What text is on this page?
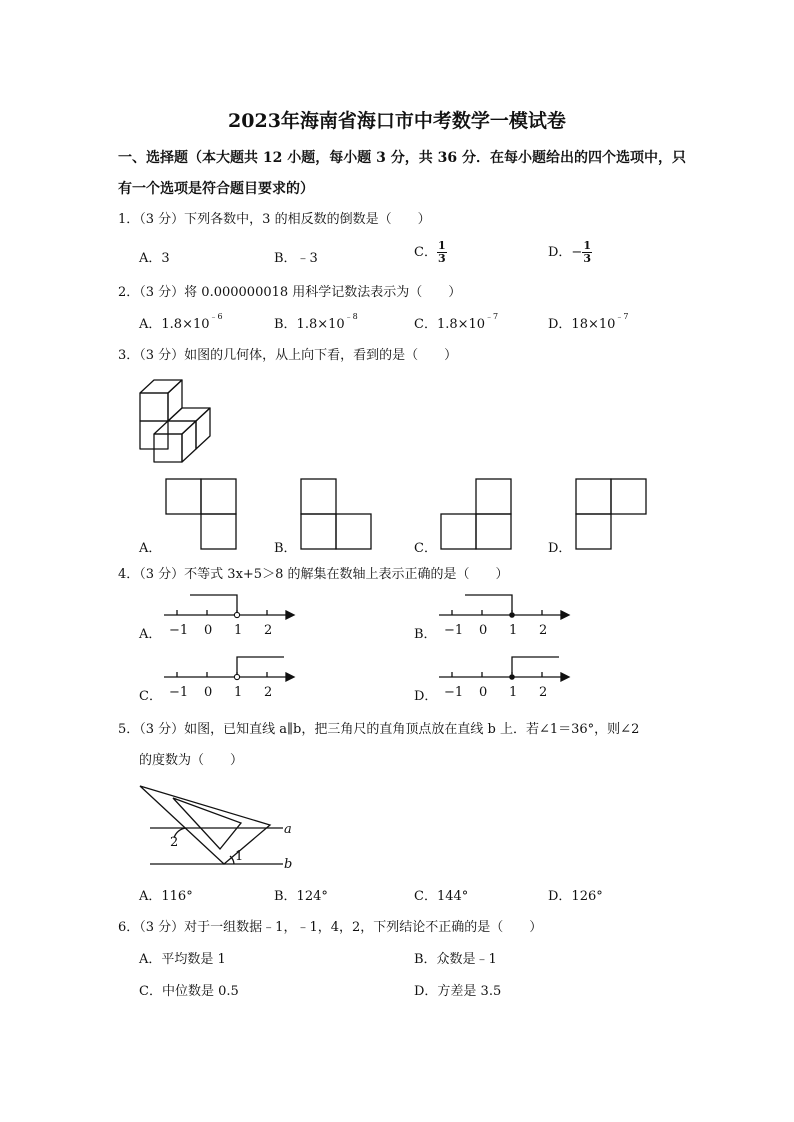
2023年海南省海口市中考数学一模试卷
一、选择题（本大题共 12 小题，每小题 3 分，共 36 分．在每小题给出的四个选项中，只
有一个选项是符合题目要求的）
1．（3 分）下列各数中，3 的相反数的倒数是（　　）
A．3	B．﹣3	C． $\frac{1}{3}$	D．− $\frac{1}{3}$
2．（3 分）将 0.000000018 用科学记数法表示为（　　）
A．$1.8\times 10^{﹣6}$
B．$1.8\times 10^{﹣8}$
C．$1.8\times 10^{﹣7}$
D．$18\times 10^{﹣7}$
3．（3 分）如图的几何体，从上向下看，看到的是（　　）
A．	B．	C．	D．
4．（3 分）不等式 3x+5＞8 的解集在数轴上表示正确的是（　　）
A．	B．
C．	D．
−1 0 1 2	−1 0 1 2
−1 0 1 2	−1 0 1 2
5．（3 分）如图，已知直线 a∥b，把三角尺的直角顶点放在直线 b 上．若∠1＝36°，则∠2
的度数为（　　）
a
b
1
2
A．116°	B．124°	C．144°	D．126°
6．（3 分）对于一组数据﹣1，﹣1，4，2，下列结论不正确的是（　　）
A．平均数是 1	B．众数是﹣1
C．中位数是 0.5	D．方差是 3.5
